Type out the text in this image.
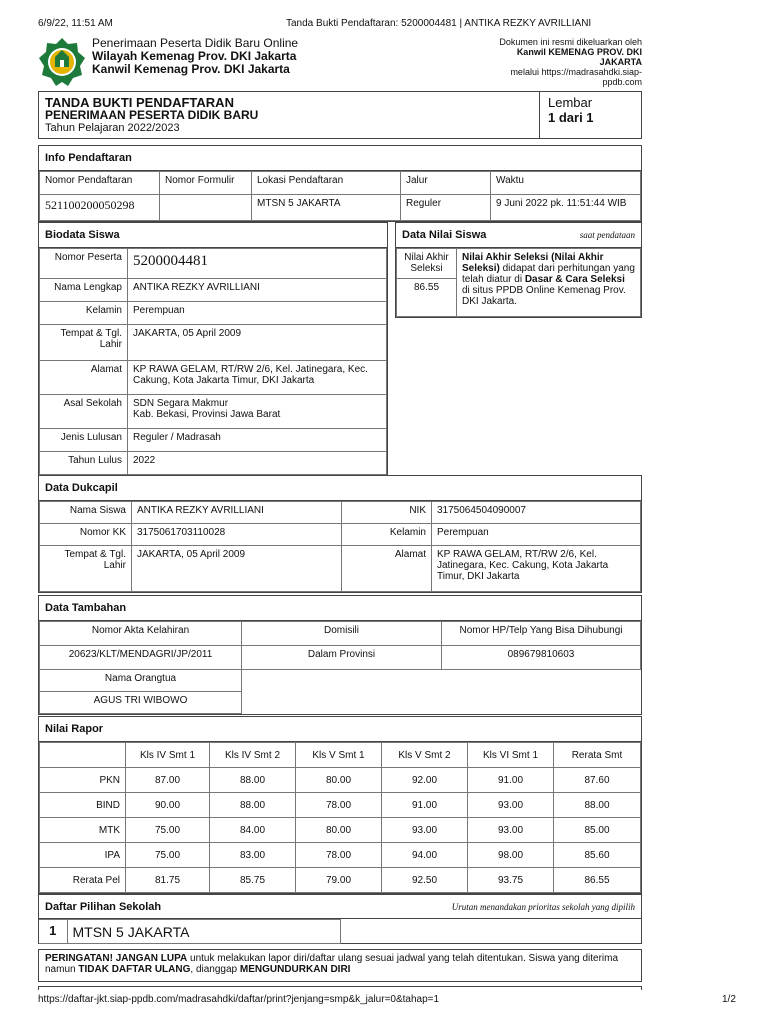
6/9/22, 11:51 AM	Tanda Bukti Pendaftaran: 5200004481 | ANTIKA REZKY AVRILLIANI
Penerimaan Peserta Didik Baru Online
Wilayah Kemenag Prov. DKI Jakarta
Kanwil Kemenag Prov. DKI Jakarta
Dokumen ini resmi dikeluarkan oleh
Kanwil KEMENAG PROV. DKI JAKARTA
melalui https://madrasahdki.siap-ppdb.com
TANDA BUKTI PENDAFTARAN
PENERIMAAN PESERTA DIDIK BARU
Tahun Pelajaran 2022/2023
Lembar
1 dari 1
Info Pendaftaran
Nomor Pendaftaran	Nomor Formulir	Lokasi Pendaftaran	Jalur	Waktu
521100200050298		MTSN 5 JAKARTA	Reguler	9 Juni 2022 pk. 11:51:44 WIB
Biodata Siswa
Nomor Peserta	5200004481
Nama Lengkap	ANTIKA REZKY AVRILLIANI
Kelamin	Perempuan
Tempat & Tgl. Lahir	JAKARTA, 05 April 2009
Alamat	KP RAWA GELAM, RT/RW 2/6, Kel. Jatinegara, Kec. Cakung, Kota Jakarta Timur, DKI Jakarta
Asal Sekolah	SDN Segara Makmur
Kab. Bekasi, Provinsi Jawa Barat

Jenis Lulusan	Reguler / Madrasah
Tahun Lulus	2022
Data Nilai Siswa	saat pendataan
Nilai Akhir Seleksi	Nilai Akhir Seleksi (Nilai Akhir Seleksi) didapat dari perhitungan yang telah diatur di Dasar & Cara Seleksi di situs PPDB Online Kemenag Prov. DKI Jakarta.
86.55
Data Dukcapil
Nama Siswa	ANTIKA REZKY AVRILLIANI	NIK	3175064504090007
Nomor KK	3175061703110028	Kelamin	Perempuan
Tempat & Tgl. Lahir	JAKARTA, 05 April 2009	Alamat	KP RAWA GELAM, RT/RW 2/6, Kel. Jatinegara, Kec. Cakung, Kota Jakarta Timur, DKI Jakarta
Data Tambahan
Nomor Akta Kelahiran	Domisili	Nomor HP/Telp Yang Bisa Dihubungi
20623/KLT/MENDAGRI/JP/2011	Dalam Provinsi	089679810603
Nama Orangtua		
AGUS TRI WIBOWO		
Nilai Rapor
	Kls IV Smt 1	Kls IV Smt 2	Kls V Smt 1	Kls V Smt 2	Kls VI Smt 1	Rerata Smt
PKN	87.00	88.00	80.00	92.00	91.00	87.60
BIND	90.00	88.00	78.00	91.00	93.00	88.00
MTK	75.00	84.00	80.00	93.00	93.00	85.00
IPA	75.00	83.00	78.00	94.00	98.00	85.60
Rerata Pel	81.75	85.75	79.00	92.50	93.75	86.55
Daftar Pilihan Sekolah	Urutan menandakan prioritas sekolah yang dipilih
1	MTSN 5 JAKARTA
PERINGATAN! JANGAN LUPA untuk melakukan lapor diri/daftar ulang sesuai jadwal yang telah ditentukan. Siswa yang diterima namun TIDAK DAFTAR ULANG, dianggap MENGUNDURKAN DIRI
https://daftar-jkt.siap-ppdb.com/madrasahdki/daftar/print?jenjang=smp&k_jalur=0&tahap=1	1/2
